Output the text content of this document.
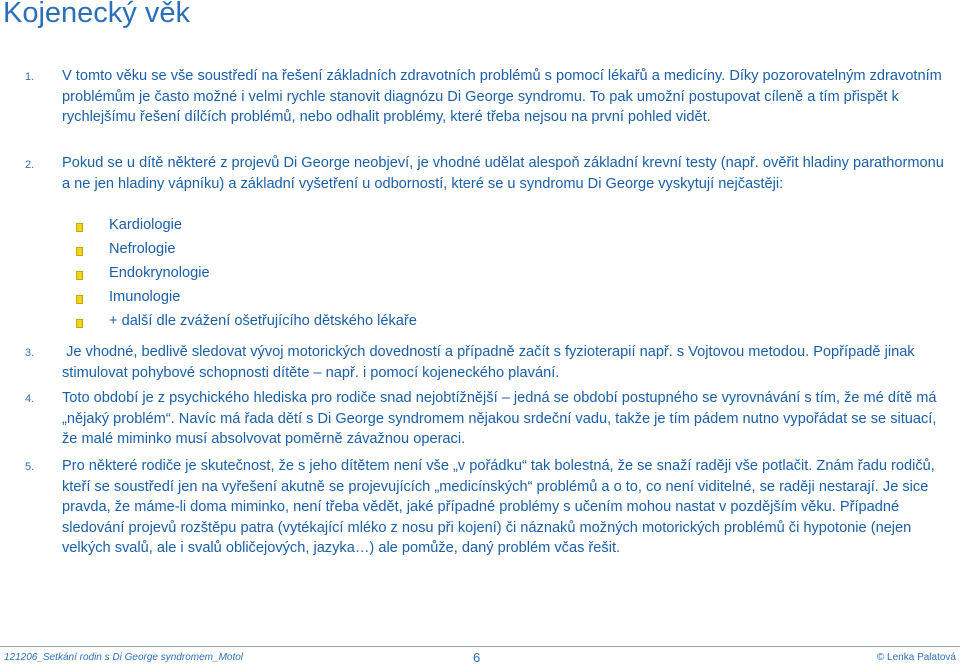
Kojenecký věk
1. V tomto věku se vše soustředí na řešení základních zdravotních problémů s pomocí lékařů a medicíny. Díky pozorovatelným zdravotním problémům je často možné i velmi rychle stanovit diagnózu Di George syndromu. To pak umožní postupovat cíleně a tím přispět k rychlejšímu řešení dílčích problémů, nebo odhalit problémy, které třeba nejsou na první pohled vidět.
2. Pokud se u dítě některé z projevů Di George neobjeví, je vhodné udělat alespoň základní krevní testy (např. ověřit hladiny parathormonu a ne jen hladiny vápníku) a základní vyšetření u odborností, které se u syndromu Di George vyskytují nejčastěji:
Kardiologie
Nefrologie
Endokrynologie
Imunologie
+ další dle zvážení ošetřujícího dětského lékaře
3. Je vhodné, bedlivě sledovat vývoj motorických dovedností a případně začít s fyzioterapií např. s Vojtovou metodou. Popřípadě jinak stimulovat pohybové schopnosti dítěte – např. i pomocí kojeneckého plavání.
4. Toto období je z psychického hlediska pro rodiče snad nejobtížnější – jedná se období postupného se vyrovnávání s tím, že mé dítě má „nějaký problém“. Navíc má řada dětí s Di George syndromem nějakou srdeční vadu, takže je tím pádem nutno vypořádat se se situací, že malé miminko musí absolvovat poměrně závažnou operaci.
5. Pro některé rodiče je skutečnost, že s jeho dítětem není vše „v pořádku“ tak bolestná, že se snaží raději vše potlačit. Znám řadu rodičů, kteří se soustředí jen na vyřešení akutně se projevujících „medicínských“ problémů a o to, co není viditelné, se raději nestarají. Je sice pravda, že máme-li doma miminko, není třeba vědět, jaké případné problémy s učením mohou nastat v pozdějším věku. Případné sledování projevů rozštěpu patra (vytékající mléko z nosu při kojení) či náznaků možných motorických problémů či hypotonie (nejen velkých svalů, ale i svalů obličejových, jazyka…) ale pomůže, daný problém včas řešit.
121206_Setkání rodin s Di George syndromem_Motol	6	© Lenka Palatová
